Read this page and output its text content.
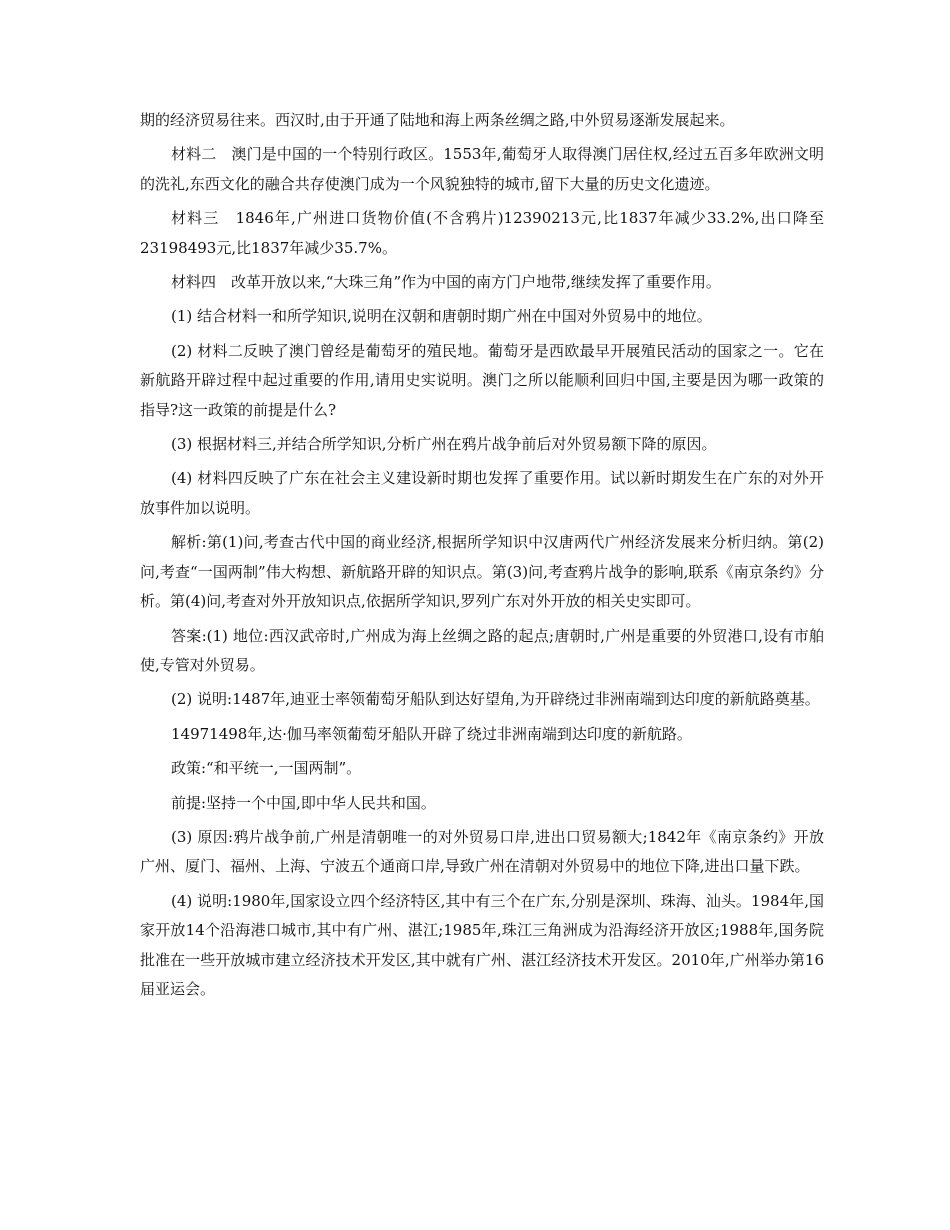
期的经济贸易往来。西汉时,由于开通了陆地和海上两条丝绸之路,中外贸易逐渐发展起来。

材料二　澳门是中国的一个特别行政区。1553年,葡萄牙人取得澳门居住权,经过五百多年欧洲文明的洗礼,东西文化的融合共存使澳门成为一个风貌独特的城市,留下大量的历史文化遗迹。

材料三　1846年,广州进口货物价值(不含鸦片)12390213元,比1837年减少33.2%,出口降至23198493元,比1837年减少35.7%。

材料四　改革开放以来,“大珠三角”作为中国的南方门户地带,继续发挥了重要作用。

(1) 结合材料一和所学知识,说明在汉朝和唐朝时期广州在中国对外贸易中的地位。

(2) 材料二反映了澳门曾经是葡萄牙的殖民地。葡萄牙是西欧最早开展殖民活动的国家之一。它在新航路开辟过程中起过重要的作用,请用史实说明。澳门之所以能顺利回归中国,主要是因为哪一政策的指导?这一政策的前提是什么?

(3) 根据材料三,并结合所学知识,分析广州在鸦片战争前后对外贸易额下降的原因。

(4) 材料四反映了广东在社会主义建设新时期也发挥了重要作用。试以新时期发生在广东的对外开放事件加以说明。

解析:第(1)问,考查古代中国的商业经济,根据所学知识中汉唐两代广州经济发展来分析归纳。第(2)问,考查“一国两制”伟大构想、新航路开辟的知识点。第(3)问,考查鸦片战争的影响,联系《南京条约》分析。第(4)问,考查对外开放知识点,依据所学知识,罗列广东对外开放的相关史实即可。

答案:(1) 地位:西汉武帝时,广州成为海上丝绸之路的起点;唐朝时,广州是重要的外贸港口,设有市舶使,专管对外贸易。

(2) 说明:1487年,迪亚士率领葡萄牙船队到达好望角,为开辟绕过非洲南端到达印度的新航路奠基。

14971498年,达·伽马率领葡萄牙船队开辟了绕过非洲南端到达印度的新航路。

政策:“和平统一,一国两制”。

前提:坚持一个中国,即中华人民共和国。

(3) 原因:鸦片战争前,广州是清朝唯一的对外贸易口岸,进出口贸易额大;1842年《南京条约》开放广州、厦门、福州、上海、宁波五个通商口岸,导致广州在清朝对外贸易中的地位下降,进出口量下跌。

(4) 说明:1980年,国家设立四个经济特区,其中有三个在广东,分别是深圳、珠海、汕头。1984年,国家开放14个沿海港口城市,其中有广州、湛江;1985年,珠江三角洲成为沿海经济开放区;1988年,国务院批准在一些开放城市建立经济技术开发区,其中就有广州、湛江经济技术开发区。2010年,广州举办第16届亚运会。
